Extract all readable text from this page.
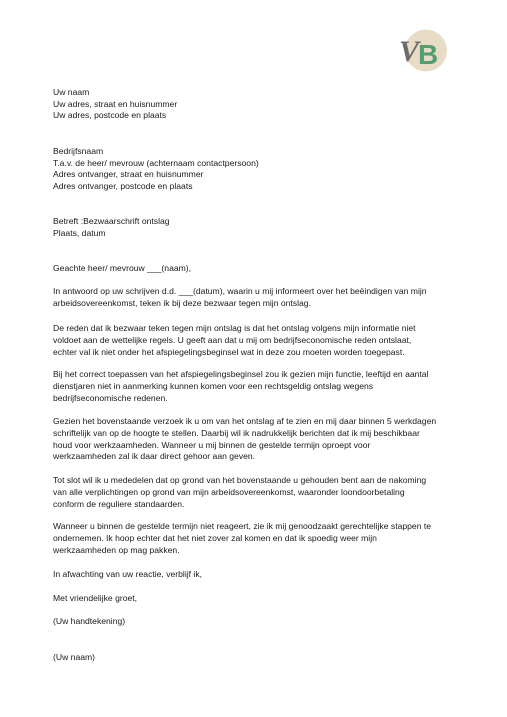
V
B
Uw naam
Uw adres, straat en huisnummer
Uw adres, postcode en plaats
Bedrijfsnaam
T.a.v. de heer/ mevrouw (achternaam contactpersoon)
Adres ontvanger, straat en huisnummer
Adres ontvanger, postcode en plaats
Betreft :Bezwaarschrift ontslag
Plaats, datum
Geachte heer/ mevrouw ___(naam),
In antwoord op uw schrijven d.d. ___(datum), waarin u mij informeert over het beëindigen van mijn
arbeidsovereenkomst, teken ik bij deze bezwaar tegen mijn ontslag.
De reden dat ik bezwaar teken tegen mijn ontslag is dat het ontslag volgens mijn informatie niet
voldoet aan de wettelijke regels. U geeft aan dat u mij om bedrijfseconomische reden ontslaat,
echter val ik niet onder het afspiegelingsbeginsel wat in deze zou moeten worden toegepast.
Bij het correct toepassen van het afspiegelingsbeginsel zou ik gezien mijn functie, leeftijd en aantal
dienstjaren niet in aanmerking kunnen komen voor een rechtsgeldig ontslag wegens
bedrijfseconomische redenen.
Gezien het bovenstaande verzoek ik u om van het ontslag af te zien en mij daar binnen 5 werkdagen
schriftelijk van op de hoogte te stellen. Daarbij wil ik nadrukkelijk berichten dat ik mij beschikbaar
houd voor werkzaamheden. Wanneer u mij binnen de gestelde termijn oproept voor
werkzaamheden zal ik daar direct gehoor aan geven.
Tot slot wil ik u mededelen dat op grond van het bovenstaande u gehouden bent aan de nakoming
van alle verplichtingen op grond van mijn arbeidsovereenkomst, waaronder loondoorbetaling
conform de reguliere standaarden.
Wanneer u binnen de gestelde termijn niet reageert, zie ik mij genoodzaakt gerechtelijke stappen te
ondernemen. Ik hoop echter dat het niet zover zal komen en dat ik spoedig weer mijn
werkzaamheden op mag pakken.
In afwachting van uw reactie, verblijf ik,
Met vriendelijke groet,
(Uw handtekening)
(Uw naam)
